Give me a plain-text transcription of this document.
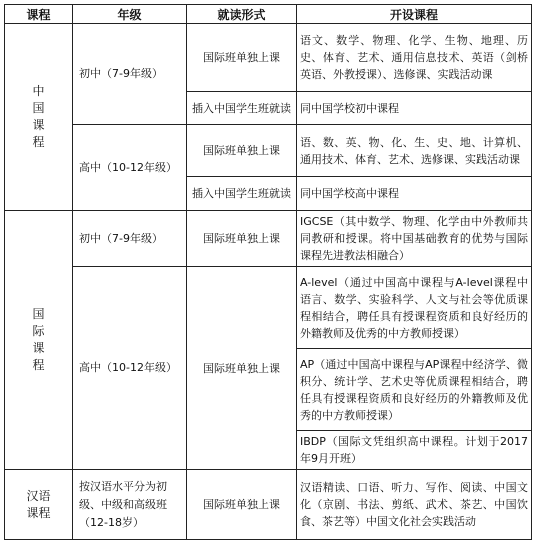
课程	年级	就读形式	开设课程
中国课程	初中（7-9年级）	国际班单独上课	语文、数学、物理、化学、生物、地理、历史、体育、艺术、通用信息技术、英语（剑桥英语、外教授课）、选修课、实践活动课
		插入中国学生班就读	同中国学校初中课程
	高中（10-12年级）	国际班单独上课	语、数、英、物、化、生、史、地、计算机、通用技术、体育、艺术、选修课、实践活动课
		插入中国学生班就读	同中国学校高中课程
国际课程	初中（7-9年级）	国际班单独上课	IGCSE（其中数学、物理、化学由中外教师共同教研和授课。将中国基础教育的优势与国际课程先进教法相融合）
	高中（10-12年级）	国际班单独上课	A-level（通过中国高中课程与A-level课程中语言、数学、实验科学、人文与社会等优质课程相结合，聘任具有授课程资质和良好经历的外籍教师及优秀的中方教师授课）
			AP（通过中国高中课程与AP课程中经济学、微积分、统计学、艺术史等优质课程相结合，聘任具有授课程资质和良好经历的外籍教师及优秀的中方教师授课）
			IBDP（国际文凭组织高中课程。计划于2017年9月开班）
汉语课程	按汉语水平分为初级、中级和高级班（12-18岁）	国际班单独上课	汉语精读、口语、听力、写作、阅读、中国文化（京剧、书法、剪纸、武术、茶艺、中国饮食、茶艺等）中国文化社会实践活动
